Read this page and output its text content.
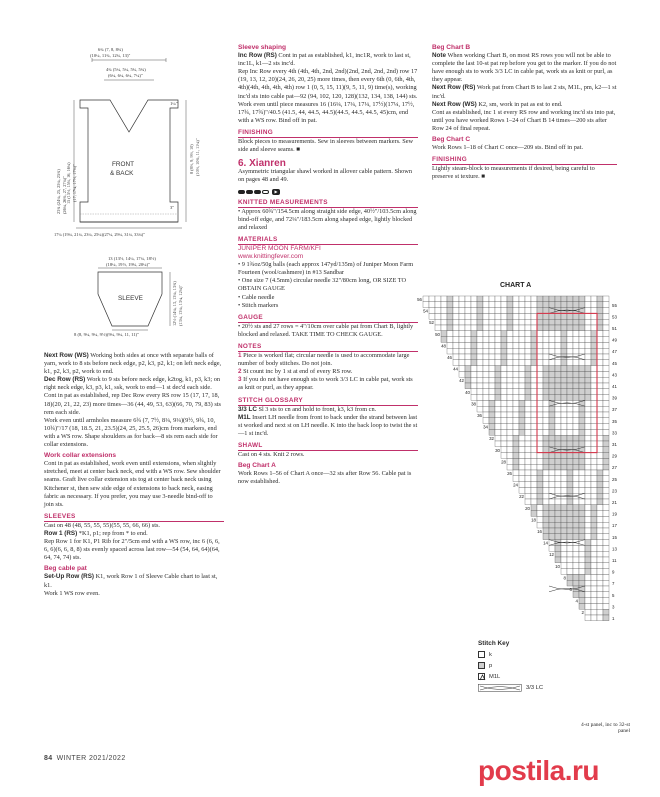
6¾ (7, 8, 8¾)
(10¼, 11¾, 12¾, 13)"
4¾ (5¼, 5¼, 5¾, 5¾)
(6¼, 6¼, 6¼, 7¼)"
1¼"
3"
17¼ (19¼, 21¼, 23¼, 25¼)(27¼, 29¼, 31¼, 33¼)"
13 (13½, 14¼, 17¼, 18½)
(18¼, 19½, 19¾, 20¼)"
8 (8, 9¼, 9¼, 9½)(9¼, 9¼, 11, 11)"
FRONT
& BACK
23¾ (24¼, 25, 25¼, 25¾) (26¼, 26¾, 27, 27¼)" 15 (15½, 15¾, 16, 16¼) (17, 17¼, 17½, 17¾)"
8 (8½, 9, 9½, 10) (10½, 10¾, 11, 11¼)"
SLEEVE	12½ (14¼, 13, 13¼, 13¾) (13¼, 13¼, 13¼, 12¼)"

Next Row (WS) Working both sides at once with separate balls of yarn, work to 8 sts before neck edge, p2, k3, p2, k1; on left neck edge, k1, p2, k3, p2, work to end.

Dec Row (RS) Work to 9 sts before neck edge, k2tog, k1, p3, k3; on right neck edge, k3, p3, k1, ssk, work to end—1 st dec'd each side.

Cont in pat as established, rep Dec Row every RS row 15 (17, 17, 18, 18)(20, 21, 22, 23) more times—36 (44, 49, 53, 63)(66, 70, 79, 83) sts rem each side.

Work even until armholes measure 6¾ (7, 7½, 8¼, 9¼)(9½, 9¾, 10, 10¾)"/17 (18, 18.5, 21, 23.5)(24, 25, 25.5, 26)cm from markers, end with a WS row. Shape shoulders as for back—8 sts rem each side for collar extensions.

Work collar extensions

Cont in pat as established, work even until extensions, when slightly stretched, meet at center back neck, end with a WS row. Sew shoulder seams. Graft live collar extension sts tog at center back neck using Kitchener st, then sew side edge of extensions to back neck, easing fabric as necessary. If you prefer, you may use 3-needle bind-off to join sts.

SLEEVES

Cast on 48 (48, 55, 55, 55)(55, 55, 66, 66) sts.

Row 1 (RS) *K1, p1; rep from * to end.

Rep Row 1 for K1, P1 Rib for 2"/5cm end with a WS row, inc 6 (6, 6, 6, 6)(6, 6, 8, 8) sts evenly spaced across last row—54 (54, 64, 64)(64, 64, 74, 74) sts.

Beg cable pat

Set-Up Row (RS) K1, work Row 1 of Sleeve Cable chart to last st, k1.

Work 1 WS row even.

Sleeve shaping

Inc Row (RS) Cont in pat as established, k1, inc1R, work to last st, inc1L, k1—2 sts inc'd.

Rep Inc Row every 4th (4th, 4th, 2nd, 2nd)(2nd, 2nd, 2nd, 2nd) row 17 (19, 13, 12, 20)(24, 26, 20, 25) more times, then every 6th (0, 6th, 4th, 4th)(4th, 4th, 4th, 4th) row 1 (0, 5, 15, 11)(9, 5, 11, 9) time(s), working inc'd sts into cable pat—92 (94, 102, 120, 128)(132, 134, 138, 144) sts.

Work even until piece measures 16 (16¼, 17¼, 17¼, 17½)(17¼, 17½, 17¾, 17¾)"/40.5 (41.5, 44, 44.5, 44.5)(44.5, 44.5, 44.5, 45)cm, end with a WS row. Bind off in pat.

FINISHING

Block pieces to measurements. Sew in sleeves between markers. Sew side and sleeve seams. ■

6. Xianren

Asymmetric triangular shawl worked in allover cable pattern. Shown on pages 48 and 49.

▶
KNITTED MEASUREMENTS

• Approx 60¾"/154.5cm along straight side edge, 40½"/103.5cm along bind-off edge, and 72¼"/183.5cm along shaped edge, lightly blocked and relaxed

MATERIALS
JUNIPER MOON FARM/KFI
www.knittingfever.com

• 9 1¾oz/50g balls (each approx 147yd/135m) of Juniper Moon Farm Fourteen (wool/cashmere) in #13 Sandbar

• One size 7 (4.5mm) circular needle 32"/80cm long, OR SIZE TO OBTAIN GAUGE

• Cable needle

• Stitch markers

GAUGE

• 20½ sts and 27 rows = 4"/10cm over cable pat from Chart B, lightly blocked and relaxed. TAKE TIME TO CHECK GAUGE.

NOTES

1 Piece is worked flat; circular needle is used to accommodate large number of body stitches. Do not join.

2 St count inc by 1 st at end of every RS row.

3 If you do not have enough sts to work 3/3 LC in cable pat, work sts as knit or purl, as they appear.

STITCH GLOSSARY

3/3 LC Sl 3 sts to cn and hold to front, k3, k3 from cn.

M1L Insert LH needle from front to back under the strand between last st worked and next st on LH needle. K into the back loop to twist the st—1 st inc'd.

SHAWL

Cast on 4 sts. Knit 2 rows.

Beg Chart A

Work Rows 1–56 of Chart A once—32 sts after Row 56. Cable pat is now established.

Beg Chart B

Note When working Chart B, on most RS rows you will not be able to complete the last 10-st pat rep before you get to the marker. If you do not have enough sts to work 3/3 LC in cable pat, work sts as knit or purl, as they appear.

Next Row (RS) Work pat from Chart B to last 2 sts, M1L, pm, k2—1 st inc'd.

Next Row (WS) K2, sm, work in pat as est to end.

Cont as established, inc 1 st every RS row and working inc'd sts into pat, until you have worked Rows 1–24 of Chart B 14 times—200 sts after Row 24 of final repeat.

Beg Chart C

Work Rows 1–18 of Chart C once—209 sts. Bind off in pat.

FINISHING

Lightly steam-block to measurements if desired, being careful to preserve st texture. ■

CHART A
56
54
52
50
48
46
44
42
40
38
36
34
32
30
28
26
24
22
20
18
16
14
12
10
8
6
4
2
55
53
51
49
47
45
43
41
39
37
35
33
31
29
27
25
23
21
19
17
15
13
11
9
7
5
3
1
Stitch Key
k
p
M1L
3/3 LC
4-st panel, inc to 32-st panel
84 WINTER 2021/2022	postila.ru
